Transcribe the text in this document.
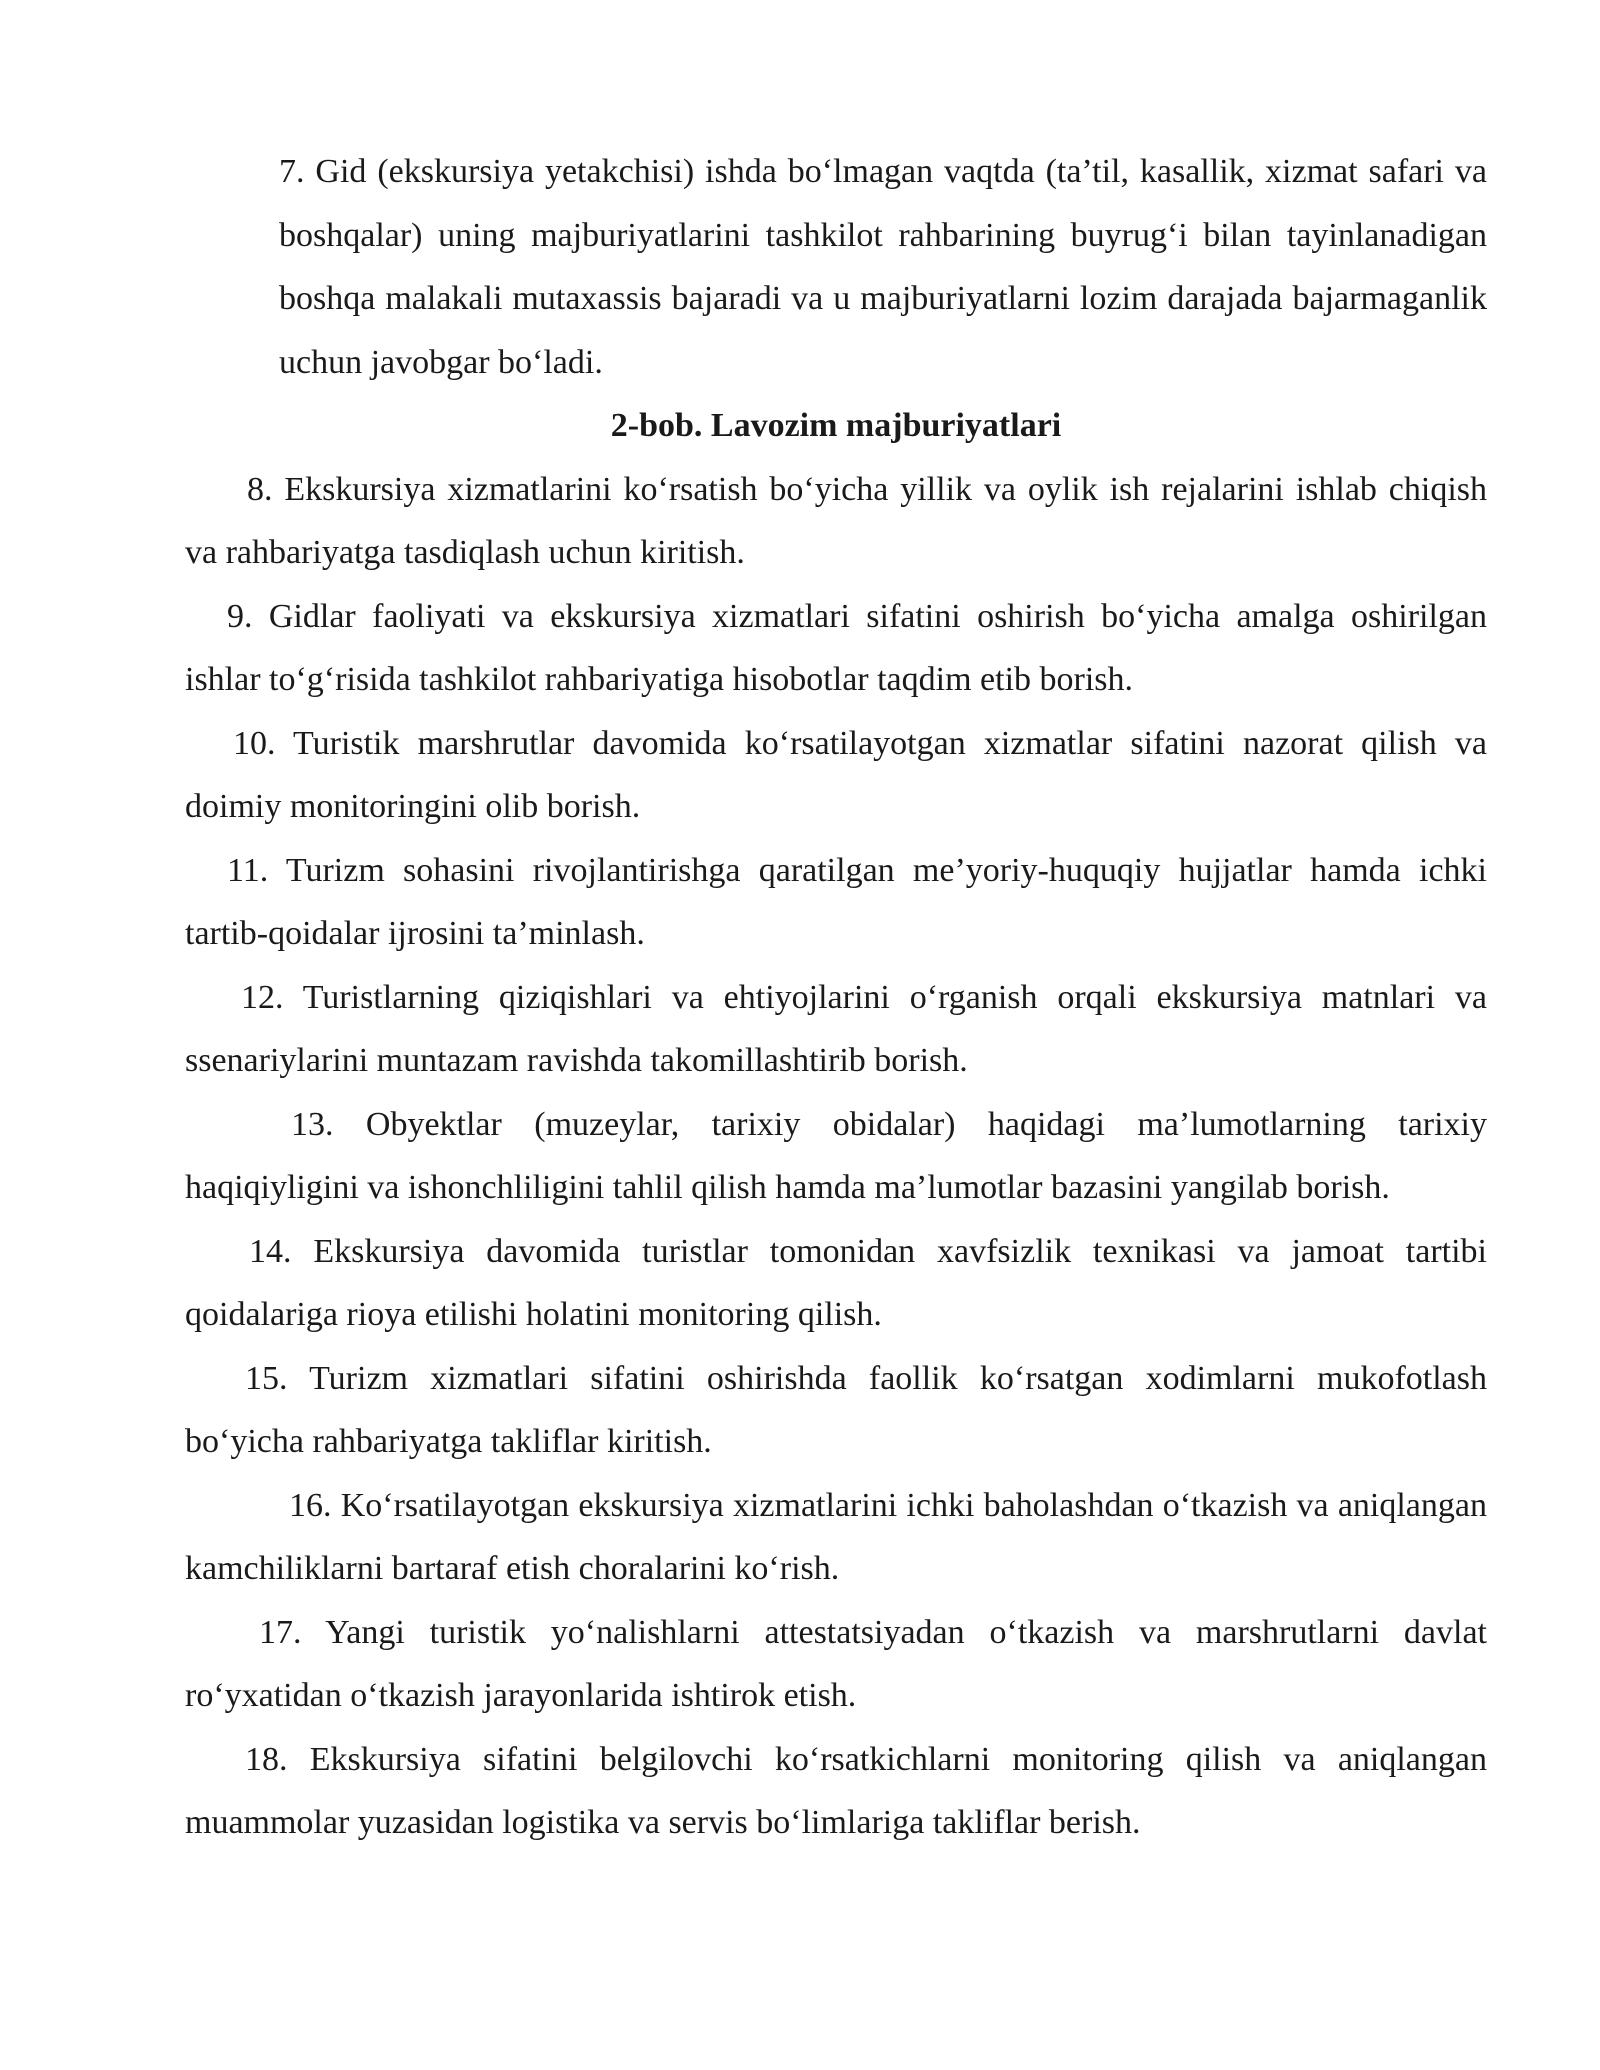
7. Gid (ekskursiya yetakchisi) ishda boʻlmagan vaqtda (ta’til, kasallik, xizmat safari va boshqalar) uning majburiyatlarini tashkilot rahbarining buyrugʻi bilan tayinlanadigan boshqa malakali mutaxassis bajaradi va u majburiyatlarni lozim darajada bajarmaganlik uchun javobgar boʻladi.

2-bob. Lavozim majburiyatlari

8. Ekskursiya xizmatlarini koʻrsatish boʻyicha yillik va oylik ish rejalarini ishlab chiqish va rahbariyatga tasdiqlash uchun kiritish.

9. Gidlar faoliyati va ekskursiya xizmatlari sifatini oshirish boʻyicha amalga oshirilgan ishlar toʻgʻrisida tashkilot rahbariyatiga hisobotlar taqdim etib borish.

10. Turistik marshrutlar davomida koʻrsatilayotgan xizmatlar sifatini nazorat qilish va doimiy monitoringini olib borish.

11. Turizm sohasini rivojlantirishga qaratilgan me’yoriy-huquqiy hujjatlar hamda ichki tartib-qoidalar ijrosini ta’minlash.

12. Turistlarning qiziqishlari va ehtiyojlarini oʻrganish orqali ekskursiya matnlari va ssenariylarini muntazam ravishda takomillashtirib borish.

13. Obyektlar (muzeylar, tarixiy obidalar) haqidagi ma’lumotlarning tarixiy haqiqiyligini va ishonchliligini tahlil qilish hamda ma’lumotlar bazasini yangilab borish.

14. Ekskursiya davomida turistlar tomonidan xavfsizlik texnikasi va jamoat tartibi qoidalariga rioya etilishi holatini monitoring qilish.

15. Turizm xizmatlari sifatini oshirishda faollik koʻrsatgan xodimlarni mukofotlash boʻyicha rahbariyatga takliflar kiritish.

16. Koʻrsatilayotgan ekskursiya xizmatlarini ichki baholashdan oʻtkazish va aniqlangan kamchiliklarni bartaraf etish choralarini koʻrish.

17. Yangi turistik yoʻnalishlarni attestatsiyadan oʻtkazish va marshrutlarni davlat roʻyxatidan oʻtkazish jarayonlarida ishtirok etish.

18. Ekskursiya sifatini belgilovchi koʻrsatkichlarni monitoring qilish va aniqlangan muammolar yuzasidan logistika va servis boʻlimlariga takliflar berish.
